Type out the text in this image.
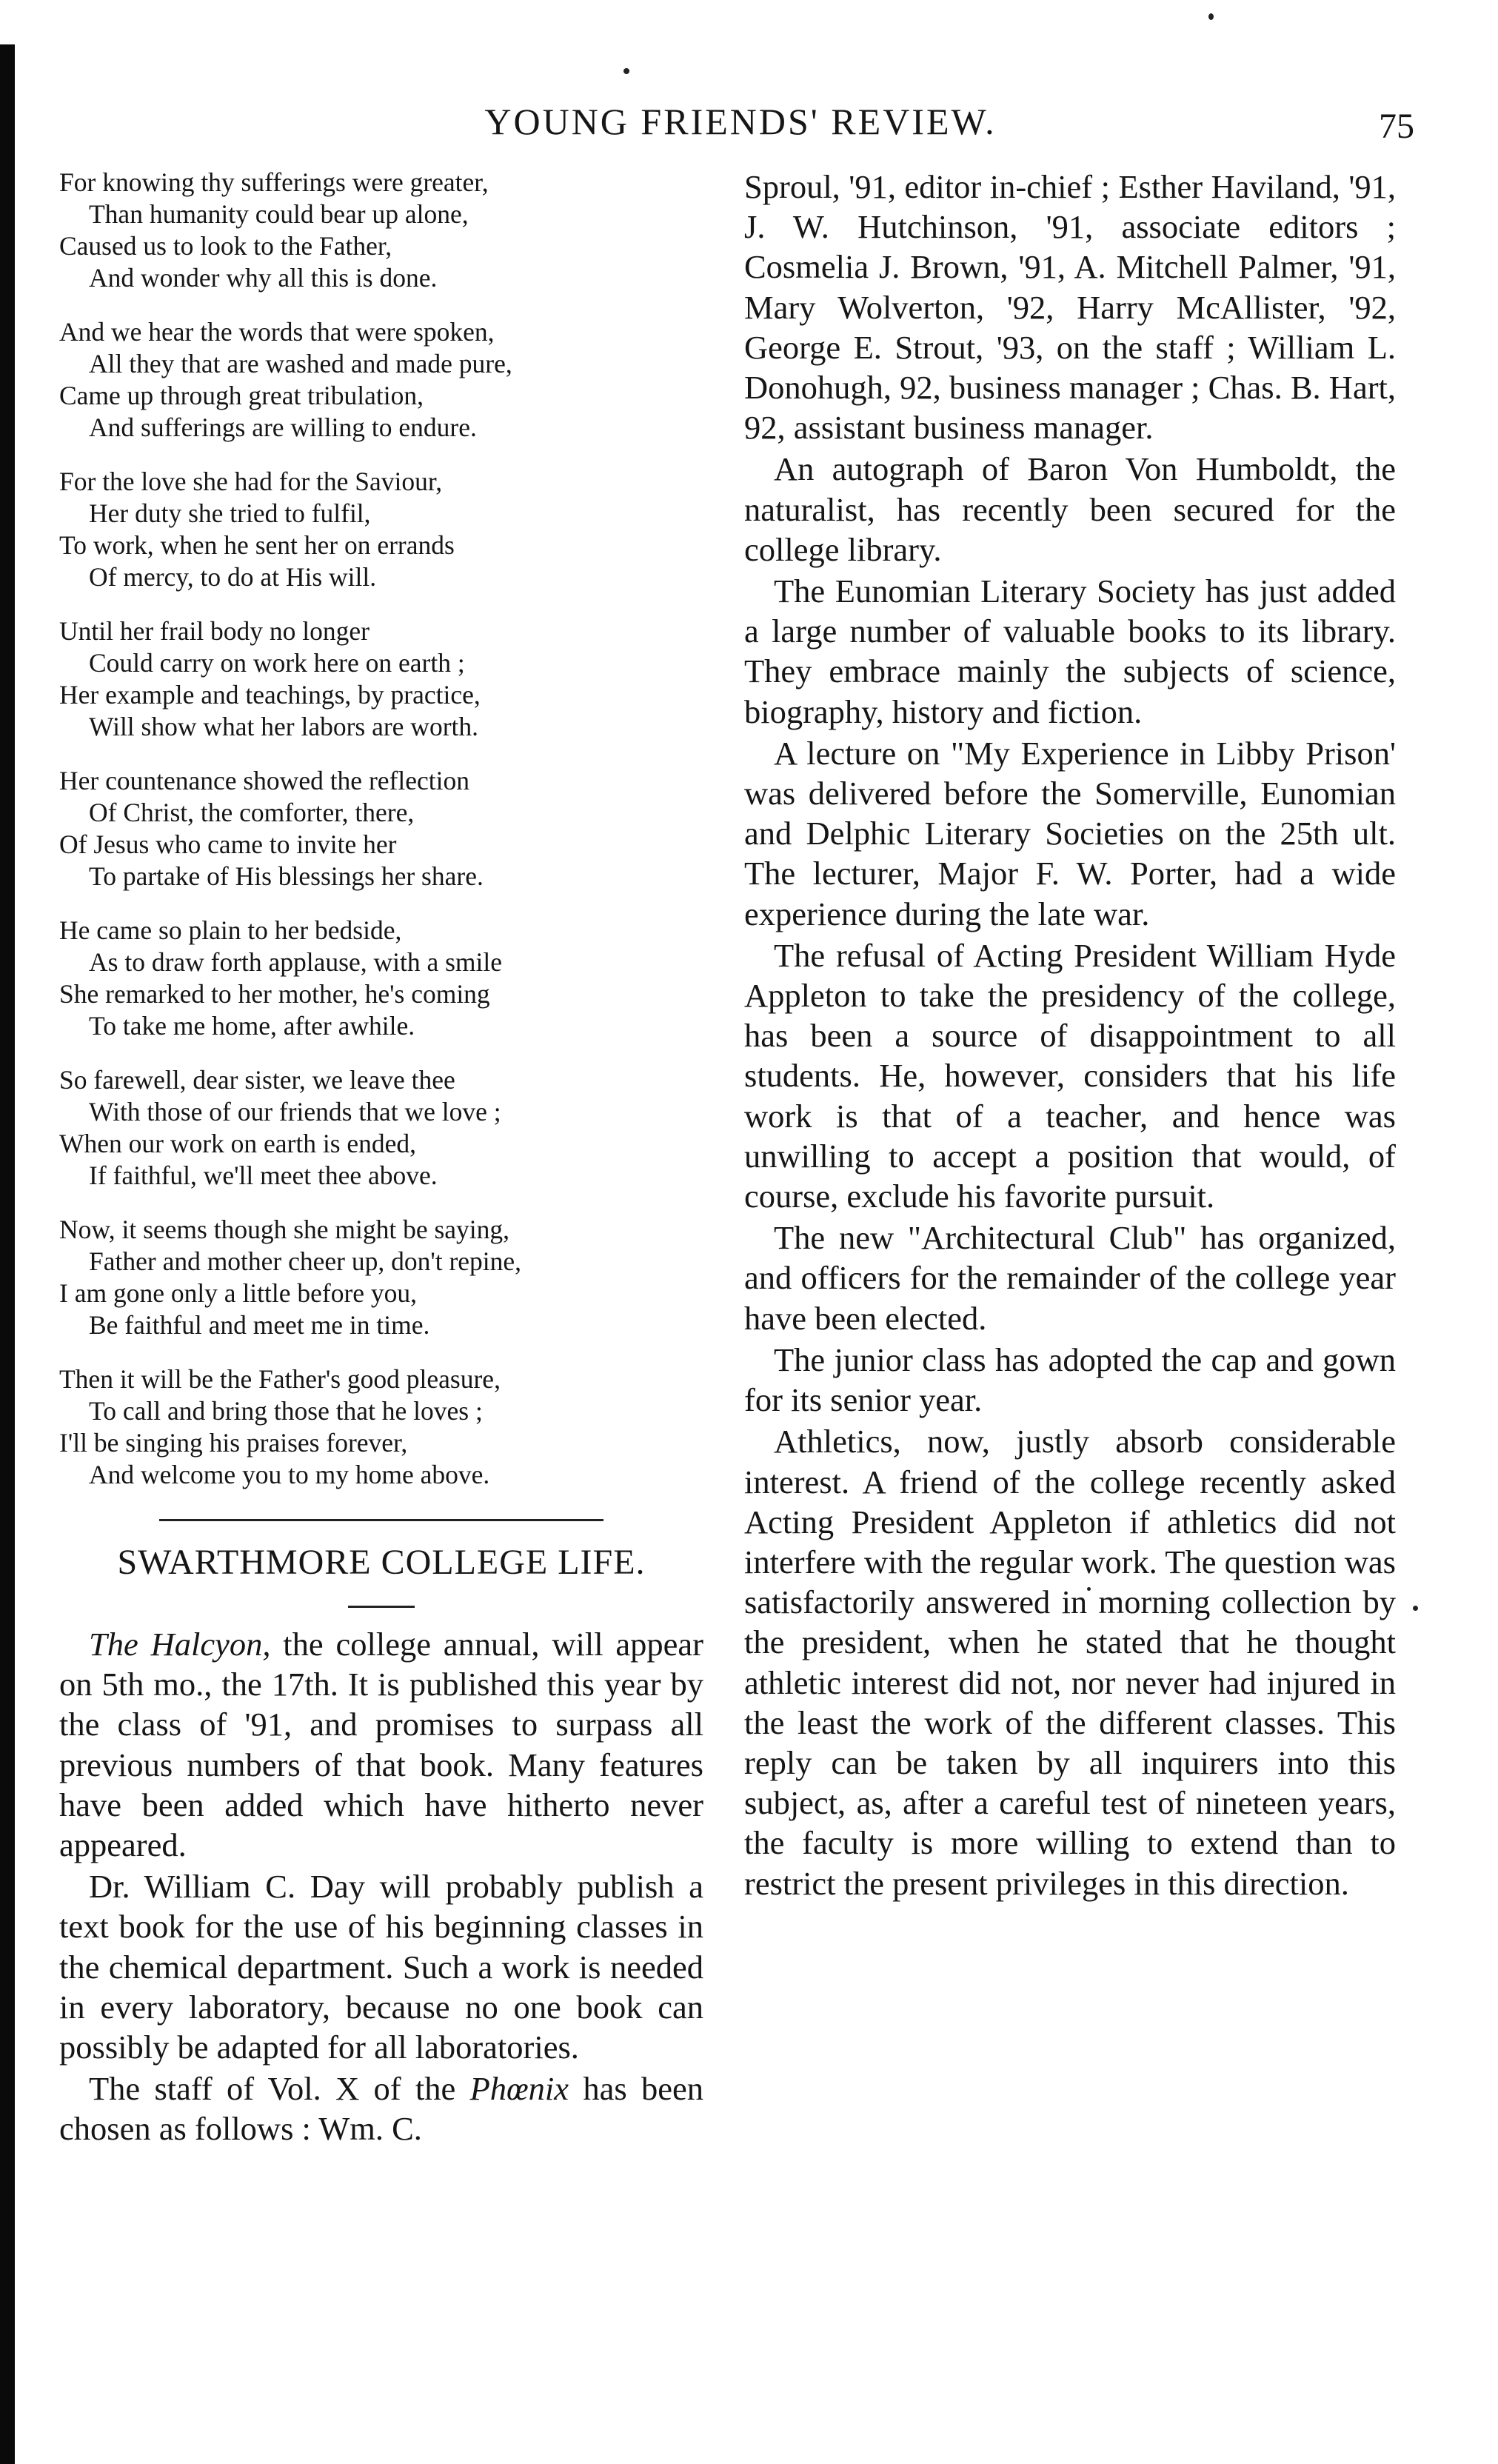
YOUNG FRIENDS' REVIEW.	75
For knowing thy sufferings were greater,
Than humanity could bear up alone,
Caused us to look to the Father,
And wonder why all this is done.
And we hear the words that were spoken,
All they that are washed and made pure,
Came up through great tribulation,
And sufferings are willing to endure.
For the love she had for the Saviour,
Her duty she tried to fulfil,
To work, when he sent her on errands
Of mercy, to do at His will.
Until her frail body no longer
Could carry on work here on earth ;
Her example and teachings, by practice,
Will show what her labors are worth.
Her countenance showed the reflection
Of Christ, the comforter, there,
Of Jesus who came to invite her
To partake of His blessings her share.
He came so plain to her bedside,
As to draw forth applause, with a smile
She remarked to her mother, he's coming
To take me home, after awhile.
So farewell, dear sister, we leave thee
With those of our friends that we love ;
When our work on earth is ended,
If faithful, we'll meet thee above.
Now, it seems though she might be saying,
Father and mother cheer up, don't repine,
I am gone only a little before you,
Be faithful and meet me in time.
Then it will be the Father's good pleasure,
To call and bring those that he loves ;
I'll be singing his praises forever,
And welcome you to my home above.
SWARTHMORE COLLEGE LIFE.

The Halcyon, the college annual, will appear on 5th mo., the 17th. It is published this year by the class of '91, and promises to surpass all previous numbers of that book. Many features have been added which have hitherto never appeared.

Dr. William C. Day will probably publish a text book for the use of his beginning classes in the chemical department. Such a work is needed in every laboratory, because no one book can possibly be adapted for all laboratories.

The staff of Vol. X of the Phœnix has been chosen as follows : Wm. C.

Sproul, '91, editor in-chief ; Esther Haviland, '91, J. W. Hutchinson, '91, associate editors ; Cosmelia J. Brown, '91, A. Mitchell Palmer, '91, Mary Wolverton, '92, Harry McAllister, '92, George E. Strout, '93, on the staff ; William L. Donohugh, 92, business manager ; Chas. B. Hart, 92, assistant business manager.

An autograph of Baron Von Humboldt, the naturalist, has recently been secured for the college library.

The Eunomian Literary Society has just added a large number of valuable books to its library. They embrace mainly the subjects of science, biography, history and fiction.

A lecture on "My Experience in Libby Prison' was delivered before the Somerville, Eunomian and Delphic Literary Societies on the 25th ult. The lecturer, Major F. W. Porter, had a wide experience during the late war.

The refusal of Acting President William Hyde Appleton to take the presidency of the college, has been a source of disappointment to all students. He, however, considers that his life work is that of a teacher, and hence was unwilling to accept a position that would, of course, exclude his favorite pursuit.

The new "Architectural Club" has organized, and officers for the remainder of the college year have been elected.

The junior class has adopted the cap and gown for its senior year.

Athletics, now, justly absorb considerable interest. A friend of the college recently asked Acting President Appleton if athletics did not interfere with the regular work. The question was satisfactorily answered in morning collection by the president, when he stated that he thought athletic interest did not, nor never had injured in the least the work of the different classes. This reply can be taken by all inquirers into this subject, as, after a careful test of nineteen years, the faculty is more willing to extend than to restrict the present privileges in this direction.
